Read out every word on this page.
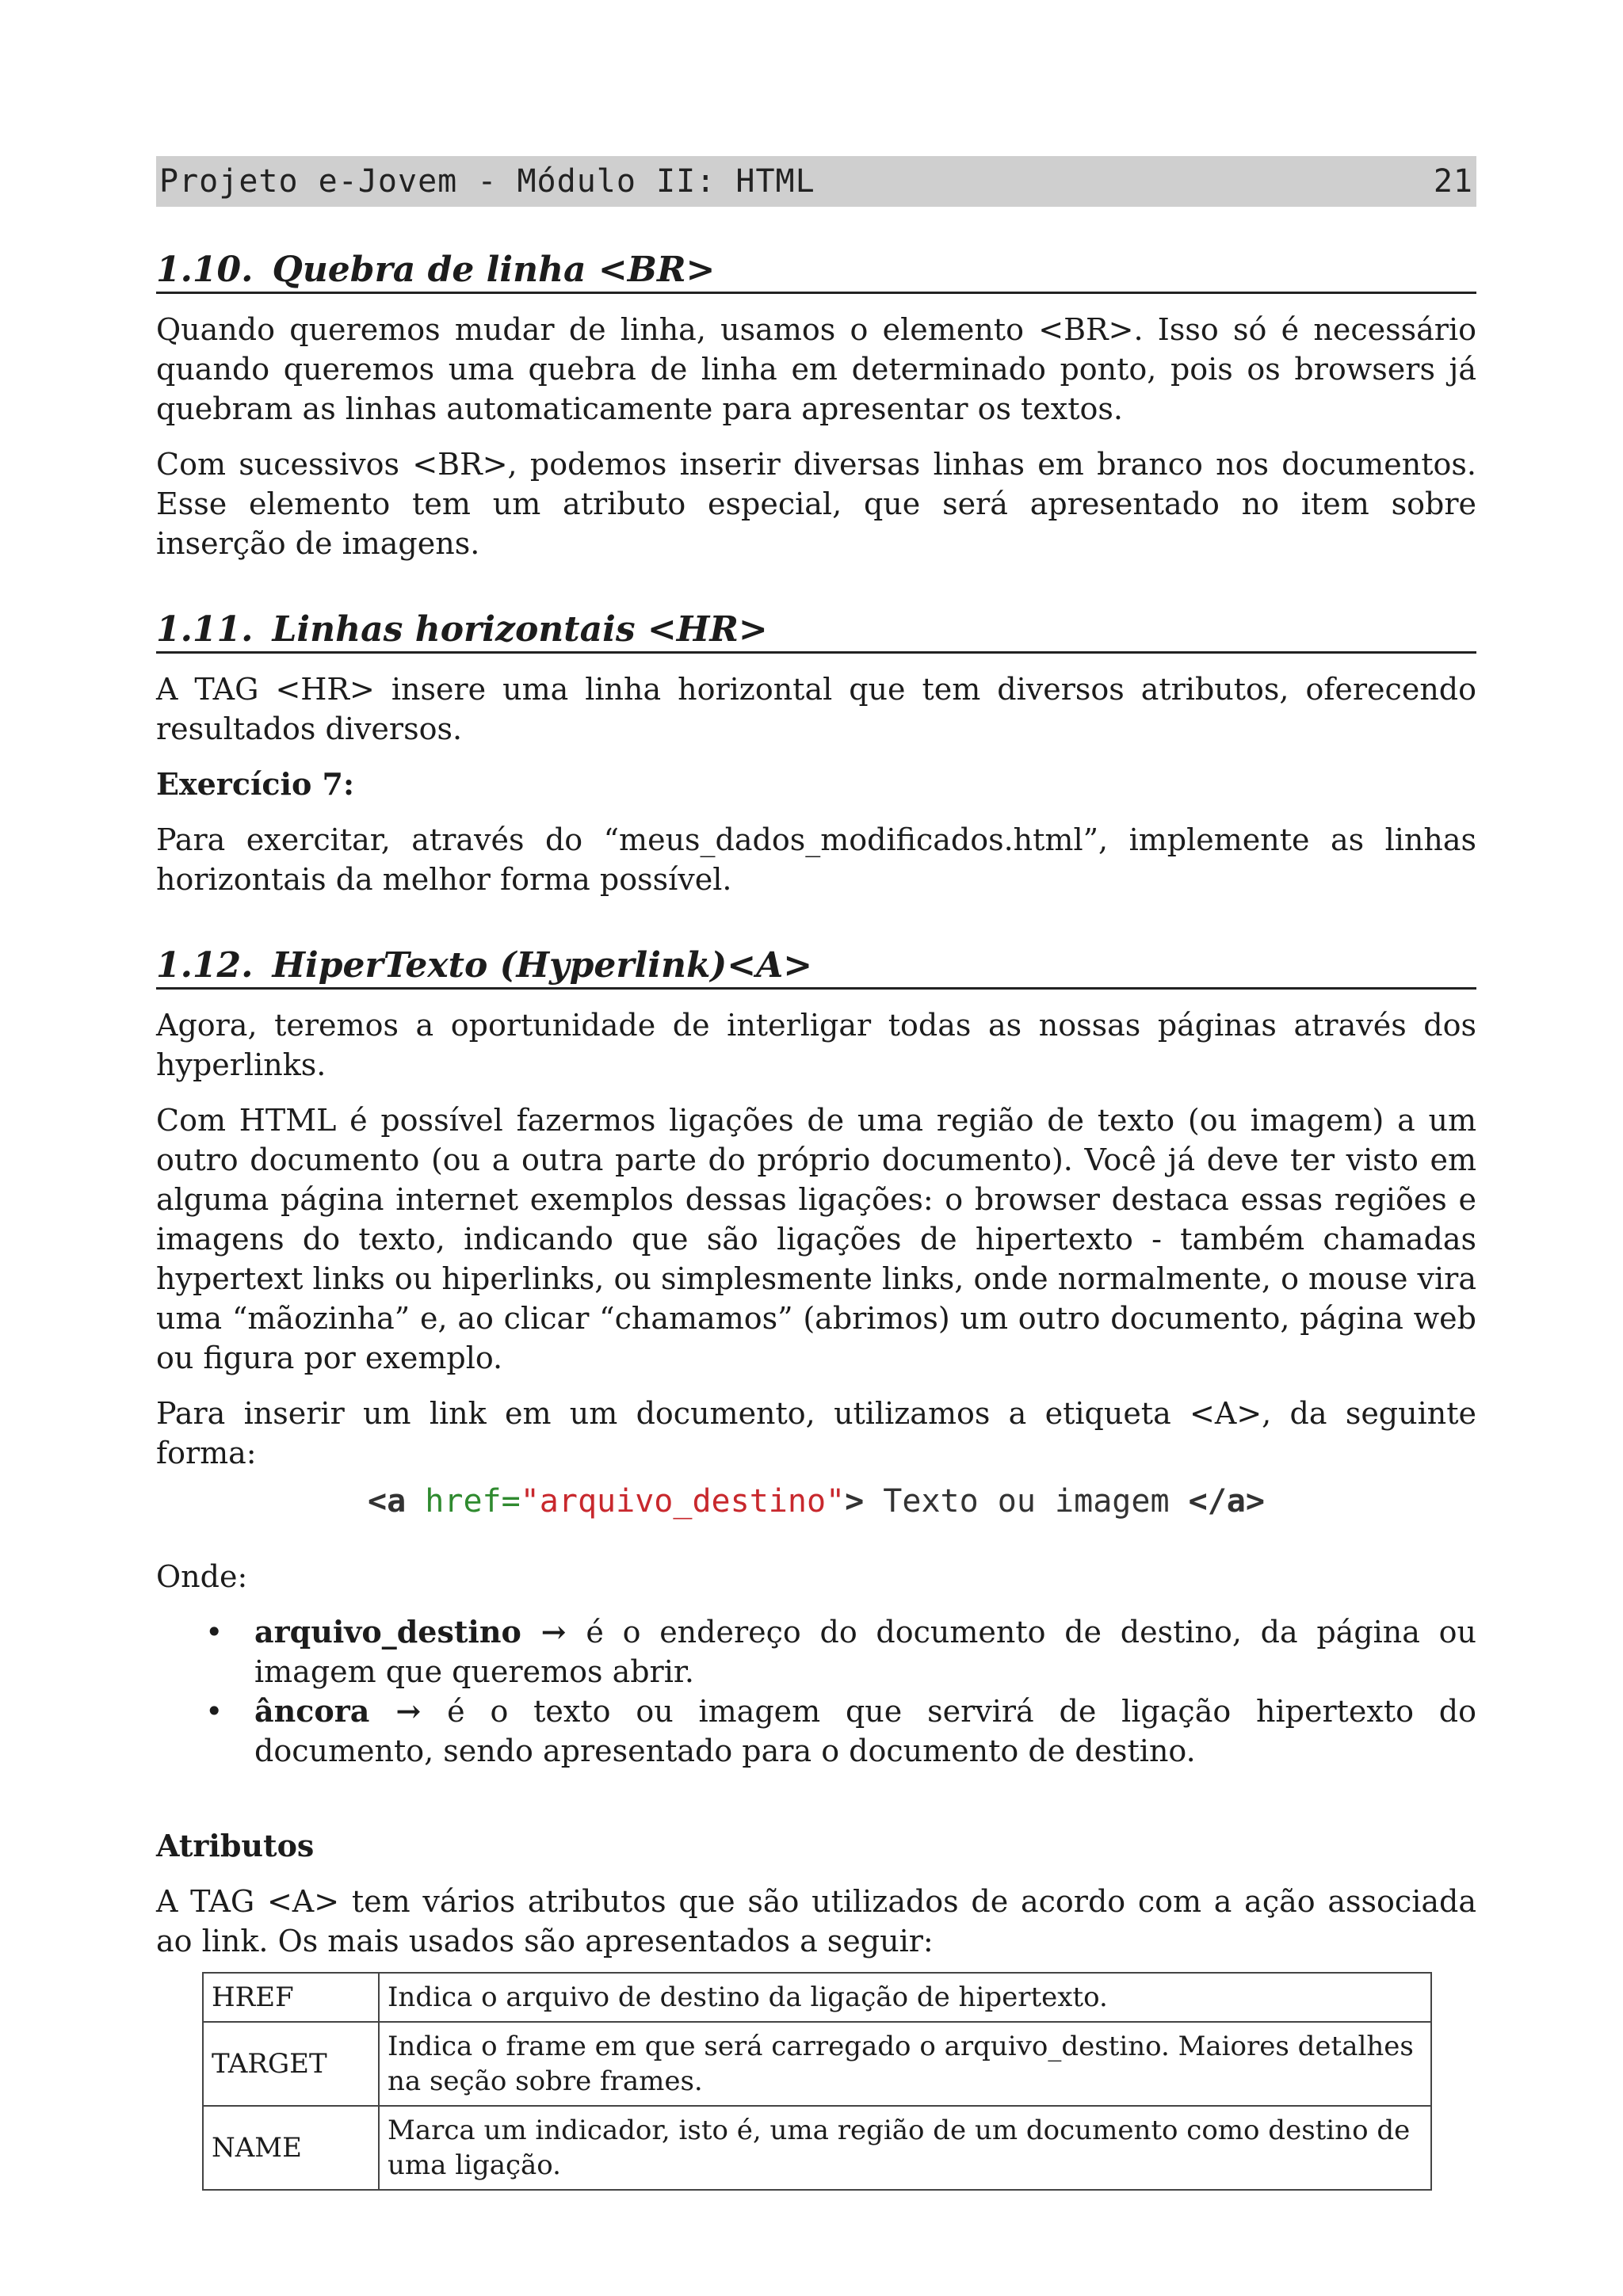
Projeto e-Jovem - Módulo II: HTML	21
1.10. Quebra de linha <BR>

Quando queremos mudar de linha, usamos o elemento <BR>. Isso só é necessário quando queremos uma quebra de linha em determinado ponto, pois os browsers já quebram as linhas automaticamente para apresentar os textos.

Com sucessivos <BR>, podemos inserir diversas linhas em branco nos documentos. Esse elemento tem um atributo especial, que será apresentado no item sobre inserção de imagens.

1.11. Linhas horizontais <HR>

A TAG <HR> insere uma linha horizontal que tem diversos atributos, oferecendo resultados diversos.

Exercício 7:

Para exercitar, através do “meus_dados_modificados.html”, implemente as linhas horizontais da melhor forma possível.

1.12. HiperTexto (Hyperlink)<A>

Agora, teremos a oportunidade de interligar todas as nossas páginas através dos hyperlinks.

Com HTML é possível fazermos ligações de uma região de texto (ou imagem) a um outro documento (ou a outra parte do próprio documento). Você já deve ter visto em alguma página internet exemplos dessas ligações: o browser destaca essas regiões e imagens do texto, indicando que são ligações de hipertexto - também chamadas hypertext links ou hiperlinks, ou simplesmente links, onde normalmente, o mouse vira uma “mãozinha” e, ao clicar “chamamos” (abrimos) um outro documento, página web ou figura por exemplo.

Para inserir um link em um documento, utilizamos a etiqueta <A>, da seguinte forma:

<a href="arquivo_destino"> Texto ou imagem </a>

Onde:

• arquivo_destino → é o endereço do documento de destino, da página ou imagem que queremos abrir.
• âncora → é o texto ou imagem que servirá de ligação hipertexto do documento, sendo apresentado para o documento de destino.
Atributos

A TAG <A> tem vários atributos que são utilizados de acordo com a ação associada ao link. Os mais usados são apresentados a seguir:

HREF	Indica o arquivo de destino da ligação de hipertexto.
TARGET	Indica o frame em que será carregado o arquivo_destino. Maiores detalhes na seção sobre frames.
NAME	Marca um indicador, isto é, uma região de um documento como destino de uma ligação.
